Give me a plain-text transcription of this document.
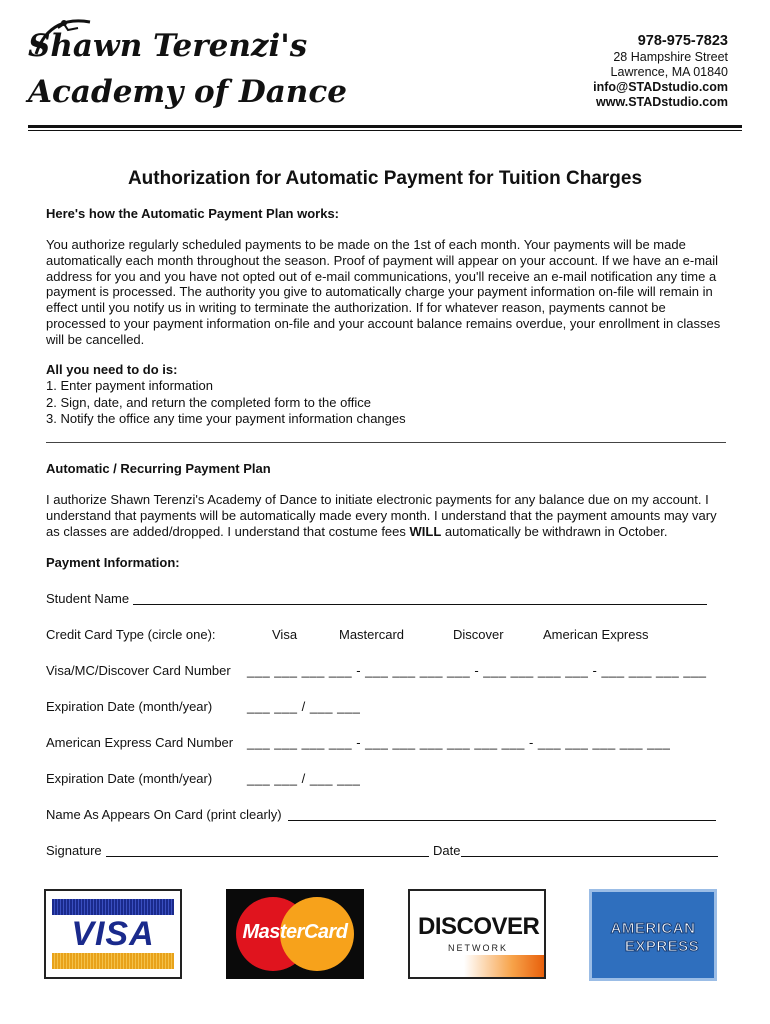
Shawn Terenzi's
Academy of Dance
978-975-7823
28 Hampshire Street
Lawrence, MA 01840
info@STADstudio.com
www.STADstudio.com
Authorization for Automatic Payment for Tuition Charges
Here's how the Automatic Payment Plan works:
You authorize regularly scheduled payments to be made on the 1st of each month. Your payments will be made automatically each month throughout the season. Proof of payment will appear on your account. If we have an e-mail address for you and you have not opted out of e-mail communications, you'll receive an e-mail notification any time a payment is processed. The authority you give to automatically charge your payment information on-file will remain in effect until you notify us in writing to terminate the authorization. If for whatever reason, payments cannot be processed to your payment information on-file and your account balance remains overdue, your enrollment in classes will be cancelled.
All you need to do is:
1. Enter payment information
2. Sign, date, and return the completed form to the office
3. Notify the office any time your payment information changes
Automatic / Recurring Payment Plan
I authorize Shawn Terenzi's Academy of Dance to initiate electronic payments for any balance due on my account. I understand that payments will be automatically made every month. I understand that the payment amounts may vary as classes are added/dropped. I understand that costume fees WILL automatically be withdrawn in October.
Payment Information:
Student Name
Credit Card Type (circle one):	Visa	Mastercard	Discover	American Express
Visa/MC/Discover Card Number ___ ___ ___ ___ - ___ ___ ___ ___ - ___ ___ ___ ___ - ___ ___ ___ ___
Expiration Date (month/year)	___ ___ / ___ ___
American Express Card Number ___ ___ ___ ___ - ___ ___ ___ ___ ___ ___ - ___ ___ ___ ___ ___
Expiration Date (month/year)	___ ___ / ___ ___
Name As Appears On Card (print clearly)
Signature	Date
VISA	MasterCard	DISCOVER
NETWORK
AMERICAN
EXPRESS
